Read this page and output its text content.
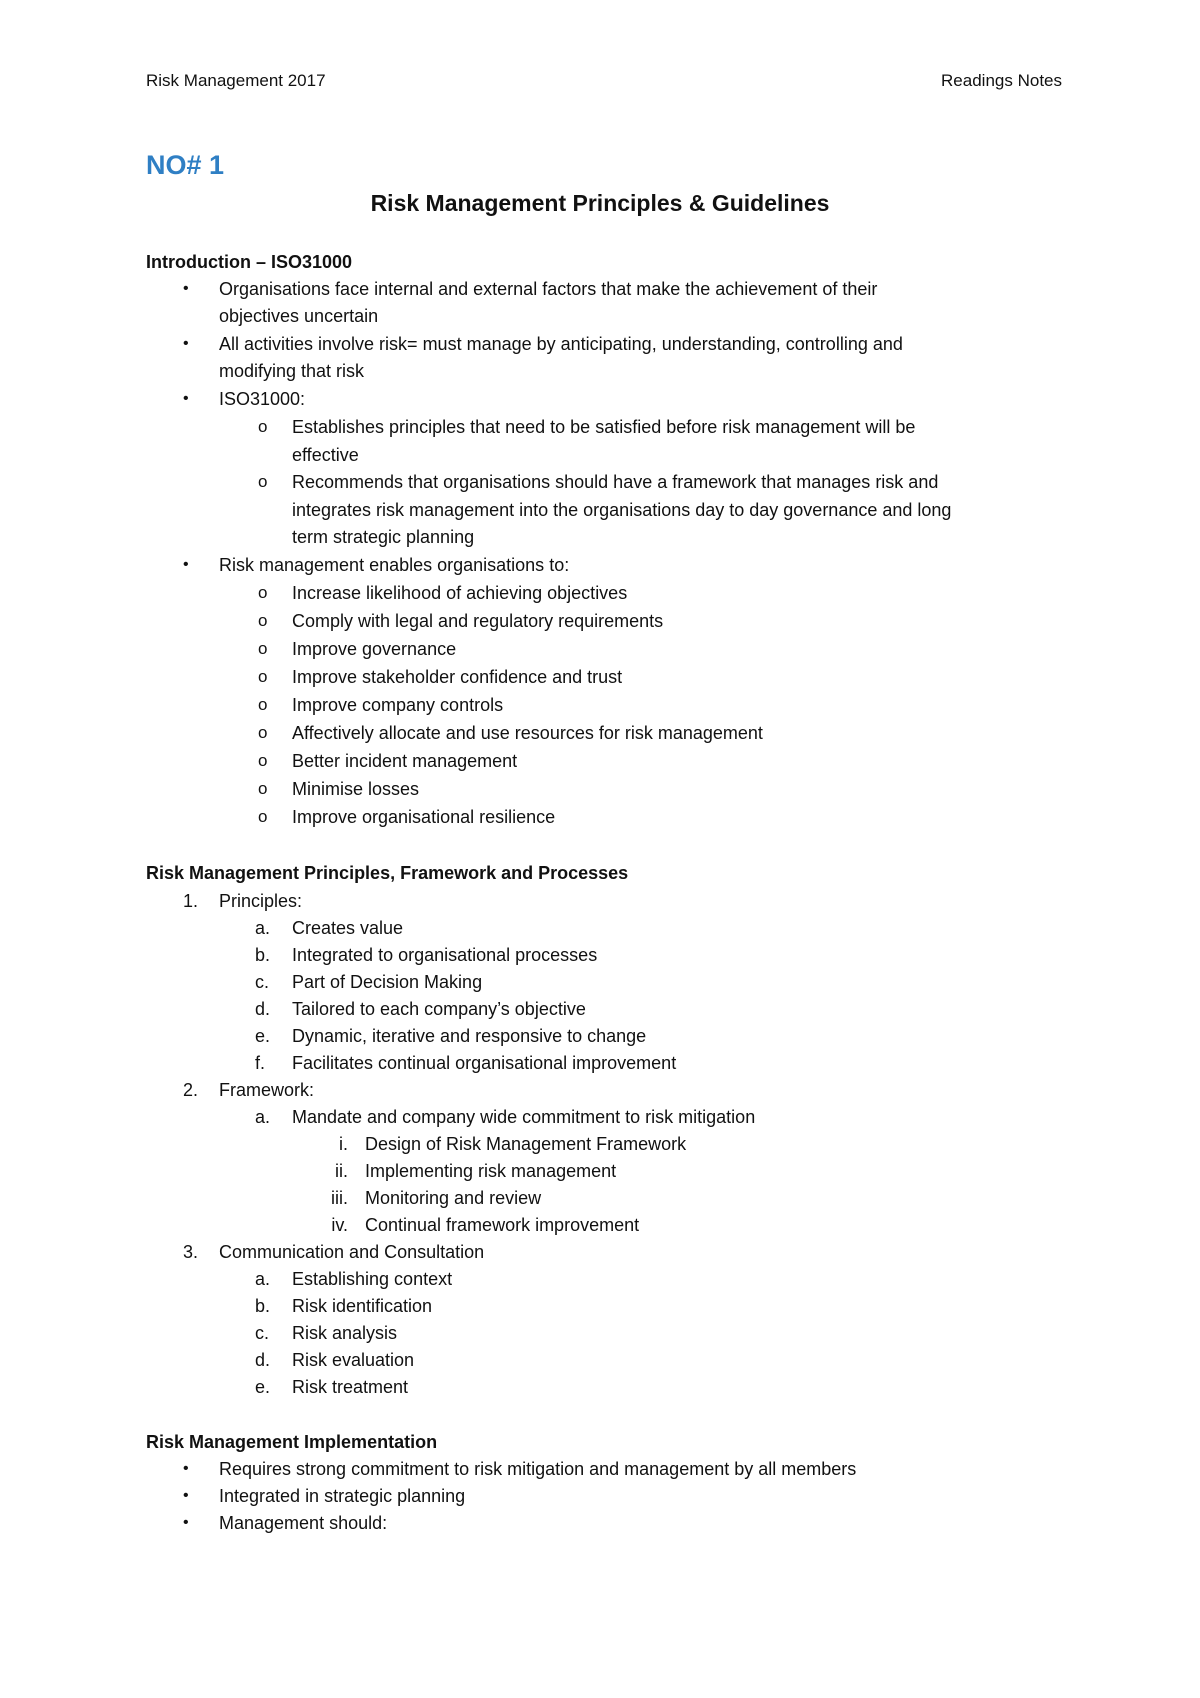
Risk Management 2017	Readings Notes
NO# 1
Risk Management Principles & Guidelines
Introduction – ISO31000
• Organisations face internal and external factors that make the achievement of their
objectives uncertain
• All activities involve risk= must manage by anticipating, understanding, controlling and
modifying that risk
• ISO31000:
o Establishes principles that need to be satisfied before risk management will be
effective
o Recommends that organisations should have a framework that manages risk and
integrates risk management into the organisations day to day governance and long
term strategic planning
• Risk management enables organisations to:
o Increase likelihood of achieving objectives
o Comply with legal and regulatory requirements
o Improve governance
o Improve stakeholder confidence and trust
o Improve company controls
o Affectively allocate and use resources for risk management
o Better incident management
o Minimise losses
o Improve organisational resilience
Risk Management Principles, Framework and Processes
1. Principles:
a. Creates value
b. Integrated to organisational processes
c. Part of Decision Making
d. Tailored to each company’s objective
e. Dynamic, iterative and responsive to change
f. Facilitates continual organisational improvement
2. Framework:
a. Mandate and company wide commitment to risk mitigation
i. Design of Risk Management Framework
ii. Implementing risk management
iii. Monitoring and review
iv. Continual framework improvement
3. Communication and Consultation
a. Establishing context
b. Risk identification
c. Risk analysis
d. Risk evaluation
e. Risk treatment
Risk Management Implementation
• Requires strong commitment to risk mitigation and management by all members
• Integrated in strategic planning
• Management should:
